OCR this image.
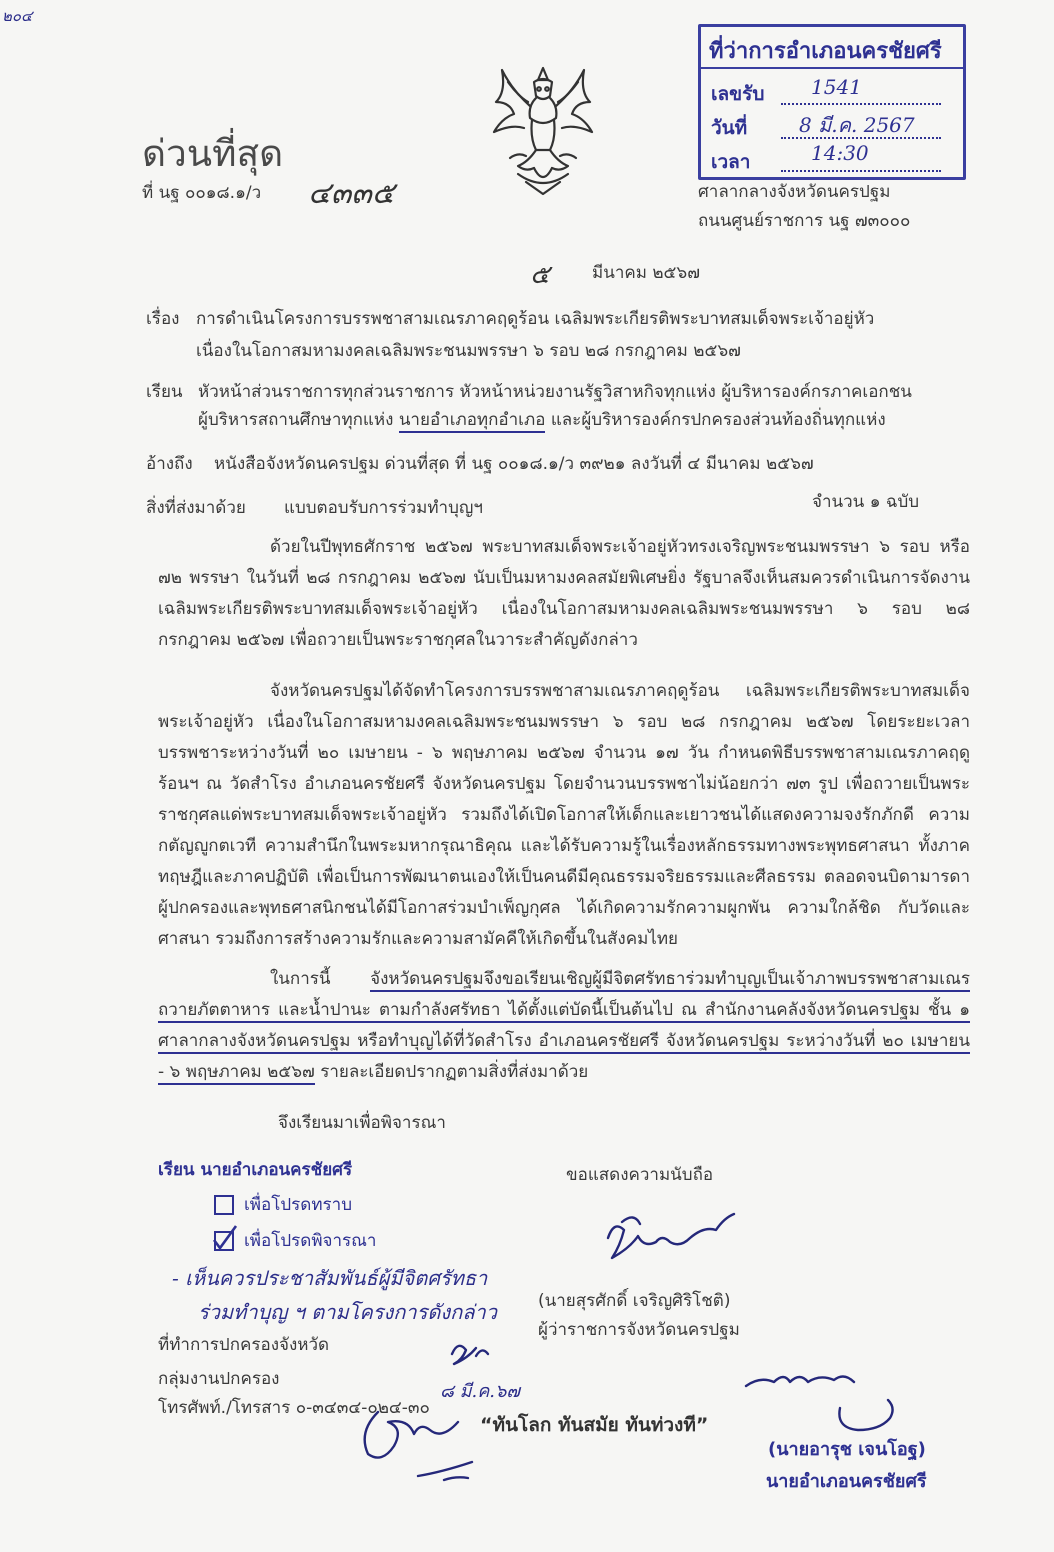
๒๐๔
ที่ว่าการอำเภอนครชัยศรี
เลขรับ 1541
วันที่	8 มี.ค. 2567
เวลา	14:30
ด่วนที่สุด
ที่ นฐ ๐๐๑๘.๑/ว ๔๓๓๕	ศาลากลางจังหวัดนครปฐม
ถนนศูนย์ราชการ นฐ ๗๓๐๐๐
๕ มีนาคม ๒๕๖๗
เรื่อง การดำเนินโครงการบรรพชาสามเณรภาคฤดูร้อน เฉลิมพระเกียรติพระบาทสมเด็จพระเจ้าอยู่หัว
เนื่องในโอกาสมหามงคลเฉลิมพระชนมพรรษา ๖ รอบ ๒๘ กรกฎาคม ๒๕๖๗
เรียน หัวหน้าส่วนราชการทุกส่วนราชการ หัวหน้าหน่วยงานรัฐวิสาหกิจทุกแห่ง ผู้บริหารองค์กรภาคเอกชน
ผู้บริหารสถานศึกษาทุกแห่ง นายอำเภอทุกอำเภอ และผู้บริหารองค์กรปกครองส่วนท้องถิ่นทุกแห่ง
อ้างถึง หนังสือจังหวัดนครปฐม ด่วนที่สุด ที่ นฐ ๐๐๑๘.๑/ว ๓๙๒๑ ลงวันที่ ๔ มีนาคม ๒๕๖๗
สิ่งที่ส่งมาด้วย แบบตอบรับการร่วมทำบุญฯ	จำนวน ๑ ฉบับ
ด้วยในปีพุทธศักราช ๒๕๖๗ พระบาทสมเด็จพระเจ้าอยู่หัวทรงเจริญพระชนมพรรษา ๖ รอบ หรือ ๗๒ พรรษา ในวันที่ ๒๘ กรกฎาคม ๒๕๖๗ นับเป็นมหามงคลสมัยพิเศษยิ่ง รัฐบาลจึงเห็นสมควรดำเนินการจัดงานเฉลิมพระเกียรติพระบาทสมเด็จพระเจ้าอยู่หัว เนื่องในโอกาสมหามงคลเฉลิมพระชนมพรรษา ๖ รอบ ๒๘ กรกฎาคม ๒๕๖๗ เพื่อถวายเป็นพระราชกุศลในวาระสำคัญดังกล่าว
จังหวัดนครปฐมได้จัดทำโครงการบรรพชาสามเณรภาคฤดูร้อน เฉลิมพระเกียรติพระบาทสมเด็จพระเจ้าอยู่หัว เนื่องในโอกาสมหามงคลเฉลิมพระชนมพรรษา ๖ รอบ ๒๘ กรกฎาคม ๒๕๖๗ โดยระยะเวลาบรรพชาระหว่างวันที่ ๒๐ เมษายน - ๖ พฤษภาคม ๒๕๖๗ จำนวน ๑๗ วัน กำหนดพิธีบรรพชาสามเณรภาคฤดูร้อนฯ ณ วัดสำโรง อำเภอนครชัยศรี จังหวัดนครปฐม โดยจำนวนบรรพชาไม่น้อยกว่า ๗๓ รูป เพื่อถวายเป็นพระราชกุศลแด่พระบาทสมเด็จพระเจ้าอยู่หัว รวมถึงได้เปิดโอกาสให้เด็กและเยาวชนได้แสดงความจงรักภักดี ความกตัญญูกตเวที ความสำนึกในพระมหากรุณาธิคุณ และได้รับความรู้ในเรื่องหลักธรรมทางพระพุทธศาสนา ทั้งภาคทฤษฎีและภาคปฏิบัติ เพื่อเป็นการพัฒนาตนเองให้เป็นคนดีมีคุณธรรมจริยธรรมและศีลธรรม ตลอดจนบิดามารดา ผู้ปกครองและพุทธศาสนิกชนได้มีโอกาสร่วมบำเพ็ญกุศล ได้เกิดความรักความผูกพัน ความใกล้ชิด กับวัดและศาสนา รวมถึงการสร้างความรักและความสามัคคีให้เกิดขึ้นในสังคมไทย
ในการนี้ จังหวัดนครปฐมจึงขอเรียนเชิญผู้มีจิตศรัทธาร่วมทำบุญเป็นเจ้าภาพบรรพชาสามเณรถวายภัตตาหาร และน้ำปานะ ตามกำลังศรัทธา ได้ตั้งแต่บัดนี้เป็นต้นไป ณ สำนักงานคลังจังหวัดนครปฐม ชั้น ๑ ศาลากลางจังหวัดนครปฐม หรือทำบุญได้ที่วัดสำโรง อำเภอนครชัยศรี จังหวัดนครปฐม ระหว่างวันที่ ๒๐ เมษายน - ๖ พฤษภาคม ๒๕๖๗ รายละเอียดปรากฏตามสิ่งที่ส่งมาด้วย
จึงเรียนมาเพื่อพิจารณา
เรียน นายอำเภอนครชัยศรี
เพื่อโปรดทราบ
เพื่อโปรดพิจารณา
- เห็นควรประชาสัมพันธ์ผู้มีจิตศรัทธา
ร่วมทำบุญ ฯ ตามโครงการดังกล่าว
๘ มี.ค.๖๗
ขอแสดงความนับถือ
(นายสุรศักดิ์ เจริญศิริโชติ)
ผู้ว่าราชการจังหวัดนครปฐม
ที่ทำการปกครองจังหวัด
กลุ่มงานปกครอง
โทรศัพท์./โทรสาร ๐-๓๔๓๔-๐๒๔-๓๐
“ทันโลก ทันสมัย ทันท่วงที”
(นายอารุช เจนโอฐ)
นายอำเภอนครชัยศรี
